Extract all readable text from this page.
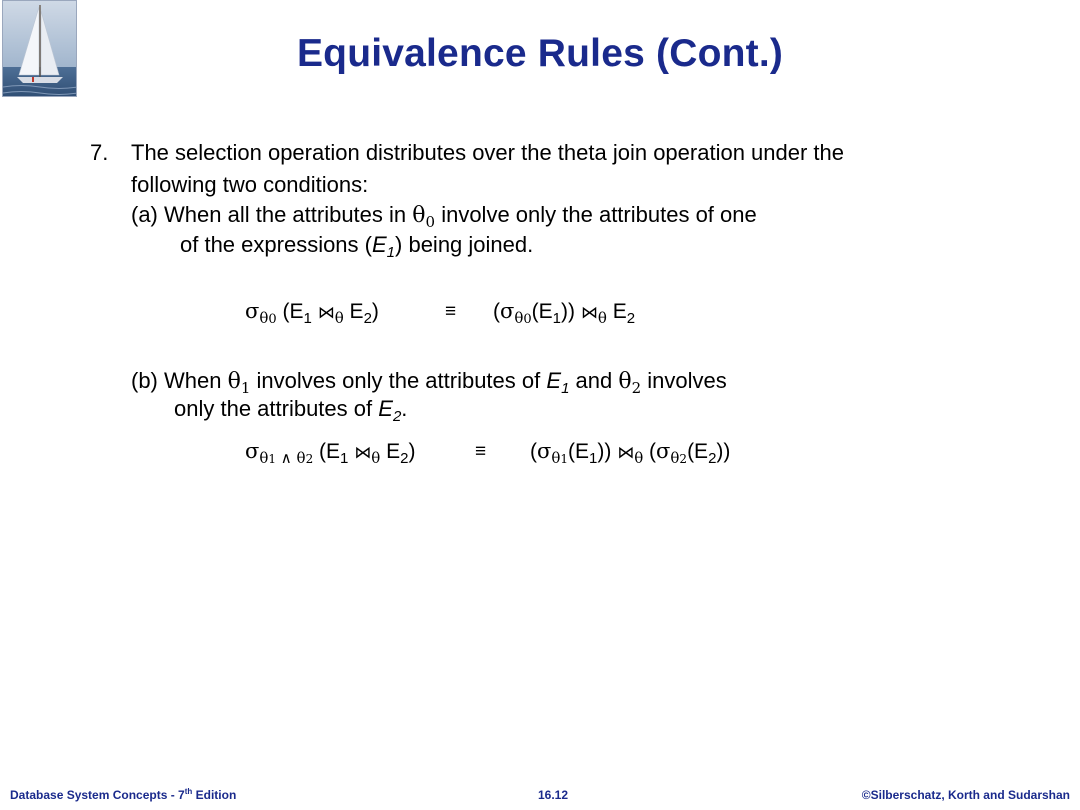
Equivalence Rules (Cont.)
7. The selection operation distributes over the theta join operation under the
following two conditions:
(a) When all the attributes in $\theta_0$ involve only the attributes of one
of the expressions $(E_1)$ being joined.
$\sigma_{\theta 0}$ ($E_1$ $⋈_\theta$ $E_2$)	≡ $(\sigma_{\theta 0}(E_1))$ $⋈_\theta$ $E_2$
(b) When $\theta_1$ involves only the attributes of $E_1$ and $\theta_2$ involves
only the attributes of $E_2$.
$\sigma_{\theta 1 \wedge \theta 2}$ ($E_1$ $⋈_\theta$ $E_2$)	≡ $(\sigma_{\theta 1}(E_1))$ $⋈_\theta$ $(\sigma_{\theta 2}(E_2))$
Database System Concepts - 7th Edition	16.12	©Silberschatz, Korth and Sudarshan
